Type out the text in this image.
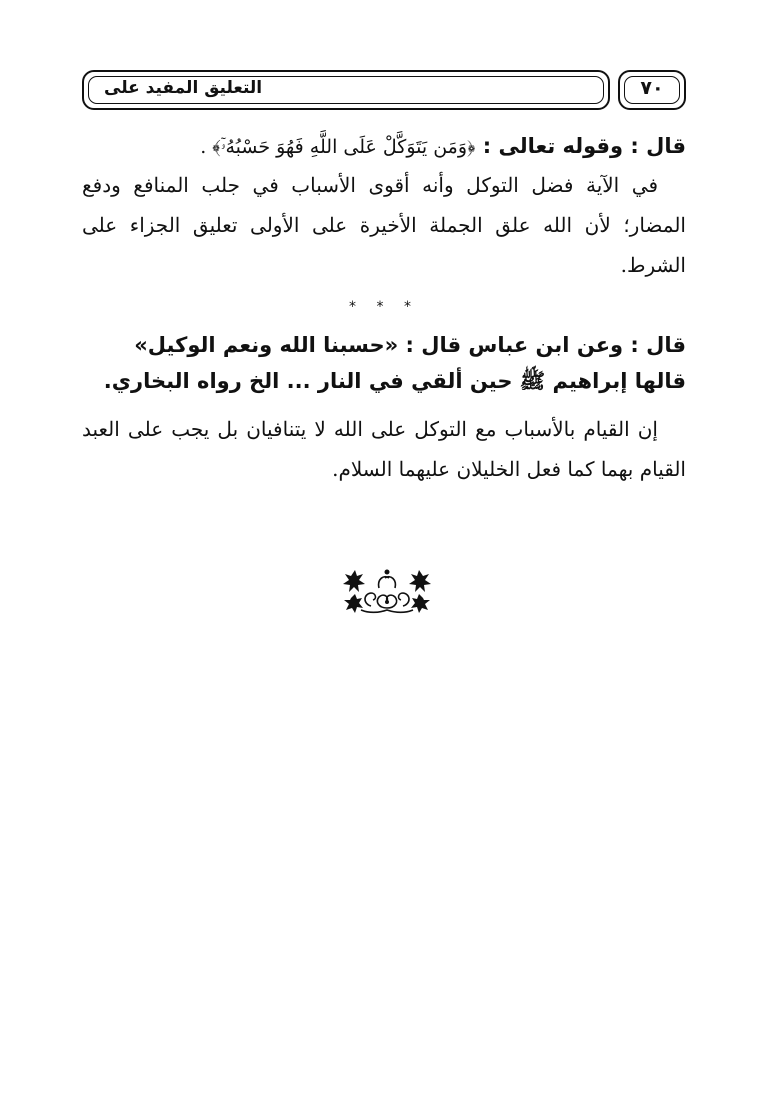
التعليق المفيد على	٧٠

قال : وقوله تعالى : ﴿وَمَن يَتَوَكَّلْ عَلَى اللَّهِ فَهُوَ حَسْبُهُۥٓ﴾ .

في الآية فضل التوكل وأنه أقوى الأسباب في جلب المنافع ودفع المضار؛ لأن الله علق الجملة الأخيرة على الأولى تعليق الجزاء على الشرط.

* * *

قال : وعن ابن عباس قال : «حسبنا الله ونعم الوكيل»

قالها إبراهيم ﷺ حين ألقي في النار ... الخ رواه البخاري.

إن القيام بالأسباب مع التوكل على الله لا يتنافيان بل يجب على العبد القيام بهما كما فعل الخليلان عليهما السلام.
